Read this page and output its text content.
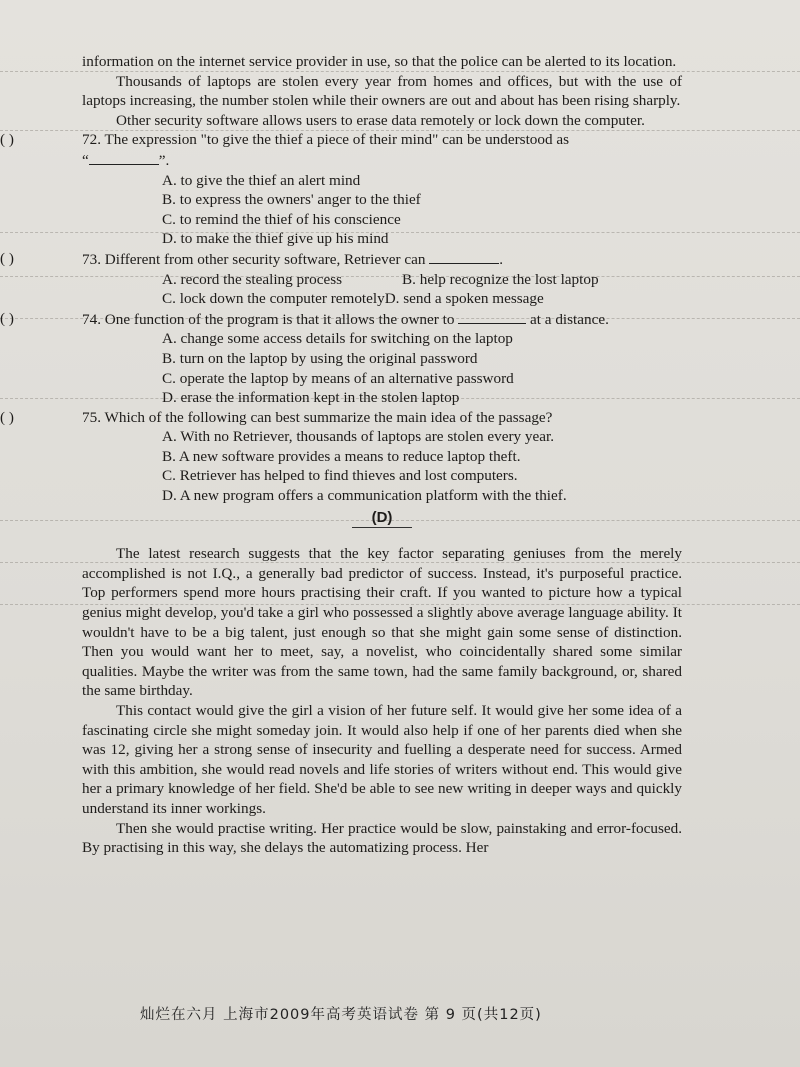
information on the internet service provider in use, so that the police can be alerted to its location.

Thousands of laptops are stolen every year from homes and offices, but with the use of laptops increasing, the number stolen while their owners are out and about has been rising sharply.

Other security software allows users to erase data remotely or lock down the computer.

( )	72. The expression "to give the thief a piece of their mind" can be understood as
“	”.

A. to give the thief an alert mind

B. to express the owners' anger to the thief

C. to remind the thief of his conscience

D. to make the thief give up his mind

( )	73. Different from other security software, Retriever can	.

A. record the stealing process	B. help recognize the lost laptop

C. lock down the computer remotelyD. send a spoken message

( )	74. One function of the program is that it allows the owner to	at a distance.

A. change some access details for switching on the laptop

B. turn on the laptop by using the original password

C. operate the laptop by means of an alternative password

D. erase the information kept in the stolen laptop

( )	75. Which of the following can best summarize the main idea of the passage?

A. With no Retriever, thousands of laptops are stolen every year.

B. A new software provides a means to reduce laptop theft.

C. Retriever has helped to find thieves and lost computers.

D. A new program offers a communication platform with the thief.

(D)

The latest research suggests that the key factor separating geniuses from the merely accomplished is not I.Q., a generally bad predictor of success. Instead, it's purposeful practice. Top performers spend more hours practising their craft. If you wanted to picture how a typical genius might develop, you'd take a girl who possessed a slightly above average language ability. It wouldn't have to be a big talent, just enough so that she might gain some sense of distinction. Then you would want her to meet, say, a novelist, who coincidentally shared some similar qualities. Maybe the writer was from the same town, had the same family background, or, shared the same birthday.

This contact would give the girl a vision of her future self. It would give her some idea of a fascinating circle she might someday join. It would also help if one of her parents died when she was 12, giving her a strong sense of insecurity and fuelling a desperate need for success. Armed with this ambition, she would read novels and life stories of writers without end. This would give her a primary knowledge of her field. She'd be able to see new writing in deeper ways and quickly understand its inner workings.

Then she would practise writing. Her practice would be slow, painstaking and error-focused. By practising in this way, she delays the automatizing process. Her

灿烂在六月 上海市2009年高考英语试卷 第 9 页(共12页)
